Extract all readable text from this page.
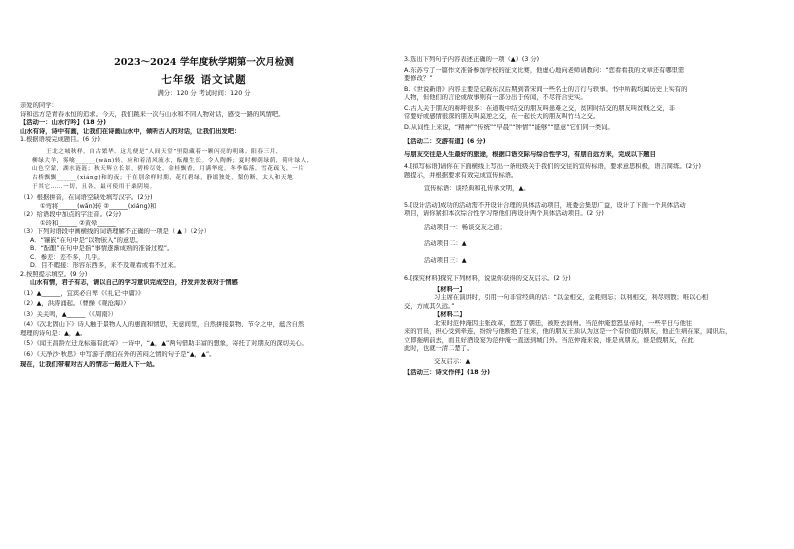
2023～2024 学年度秋学期第一次月检测
七年级 语文试题
满分：120 分 考试时间：120 分
亲爱的同学：
诗和远方是青春永恒的追求。今天，我们跳来一次与山水和不同人物对话，感受一路的风情吧。
【活动一：山水行吟】(18 分)
山水有诗，诗中有画，让我们在诗画山水中，倾听古人的对话，让我们出发吧：
1.根据语境完成题目。(6 分)
王北之城秋样，自古繁华。这儿便是“人间天堂”里隐藏着一颗闪亮的明珠。阳春三月，
柳绿大羊，雾噙______(wān)转，应和着清风流水，酝酿生长。令人陶醉；夏时柳荫绿荫，荷叶绿人，
山色空蒙，湖水涟涟；秋天辉立长景，碧桥尽处，金桂飘香，月满华庭。冬季临落，雪花疏飞，一片
古桥飘飘______(xìáng)和的夜；于在别余样时期，花红碧绿，静谧独处，梨仿断，太人和天地
于其它……一切，且各，最可使用于桑阴境。
（1）根据拼音，在词语空缺处填写汉字。(2分)
①弯将______(wān)转 ②______(xiáng)和
（2）给语段中加点的字注音。(2分)
①玲和______ ②黄晕______
（3）下列对语段中画横线的词语理解不正确的一项是（ ▲ ）（2分）
A．“镶嵌”在句中是“以物嵌入”的意思。
B．“酝酿”在句中是指“事情逐渐成熟的准备过程”。
C．参差：差不多，几乎。
D．目不暇接：形容东西多，来不及观看或看不过来。
2.按照提示填空。(9 分)
山水有情，君子有志，请以自己的学习意识完成空白，抒发并发表对于情感
（1）▲______，宜宾必自卑《《礼记·中庸》》
（2）▲，洪涛涌起。（曹操《观沧海》）
（3）关关鸣，▲______（《周南》）
（4）《次北固山下》诗人触于景物人人的惠面和情思，无意间里，自然拼接景物、节令之中，蕴含自然
理理的诗句是：▲，▲。
（5）《闻王昌龄左迁龙标遥有此寄》一诗中，“▲，▲”两句借助丰富的想象，寄托了对朋友的深切关心。
（6）《天净沙·秋思》中写游子漂泊在外的苦闷之情的句子是“▲，▲”。
现在，让我们带着对古人的情志一路进入下一站。
3.选出下列句子内容表述正确的一项（▲）(3 分)
A.东苏亏了一篇作文准备参加学校的征文比赛，他虚心地向老师请教问：“您看看我的文章还有哪里需
要修改？”
B.《世说新语》内容主要是记载东汉后期到晋宋间一些名士的言行与轶事。书中所载均属历史上实有的
人物，但他们的言论或故事则有一部分出于传闻，不尽符合史实。
C.古人关于朋友的称呼很多：在道吸中结交的朋友叫患难之交，贫困时结交的朋友叫贫贱之交，非
常要好或感情很深的朋友叫莫逆之交，在一起长大的朋友叫竹马之交。
D.从词性上来说，“精神”“传统”“早晨”“钟情”“能够”“愿意”它们同一类词。
【活动二：交游有道】(6 分)
与朋友交往是人生最好的旅途，根据口语交际与综合性学习，有朋自远方来，完成以下题目
4.[拟写标语]请你在下面横线上写出一条班级关于我们的交往的宣传标语，要求意思积极，语言简练。(2分)
题提示，并根据要求有效完成宣传标语。
宣传标语：谈经典和孔传承文明，▲。
5.[设计活动]成功的活动需不开设计合理的具体活动项目，班委会集思广益，设计了下面一个具体活动
项目，请你紧扣本次综合性学习帮他们再设计两个具体活动项目。(2 分)
活动项目一：畅谈交友之道；
活动项目二：▲
活动项目三：▲
6.[探究材料]探究下列材料，说说你获得的交友启示。(2 分)
【材料一】
习主席在演讲时，引用一句非常经典的话：“以金相交，金耗则忘；以利相交，利尽则散；唯以心相
交，方成其久远。”
【材料二】
北宋时范仲淹因主张改革，惹怒了朝廷，被贬去润州。当范仲淹惹怒皇帝时，一些平日与他往
来的官员，担心受到牵连，纷纷与他断绝了往来，他的朋友王质认为这是一个有价值的朋友，他正生病在家，闻讯后，
立即拖病前去，而且好酒设宴为范仲淹一直送到城门外。当范仲淹来说，谁是真朋友，谁是假朋友，在此
此时，也就一清二楚了。
交友启示：▲
【活动三：诗文作伴】(18 分)
